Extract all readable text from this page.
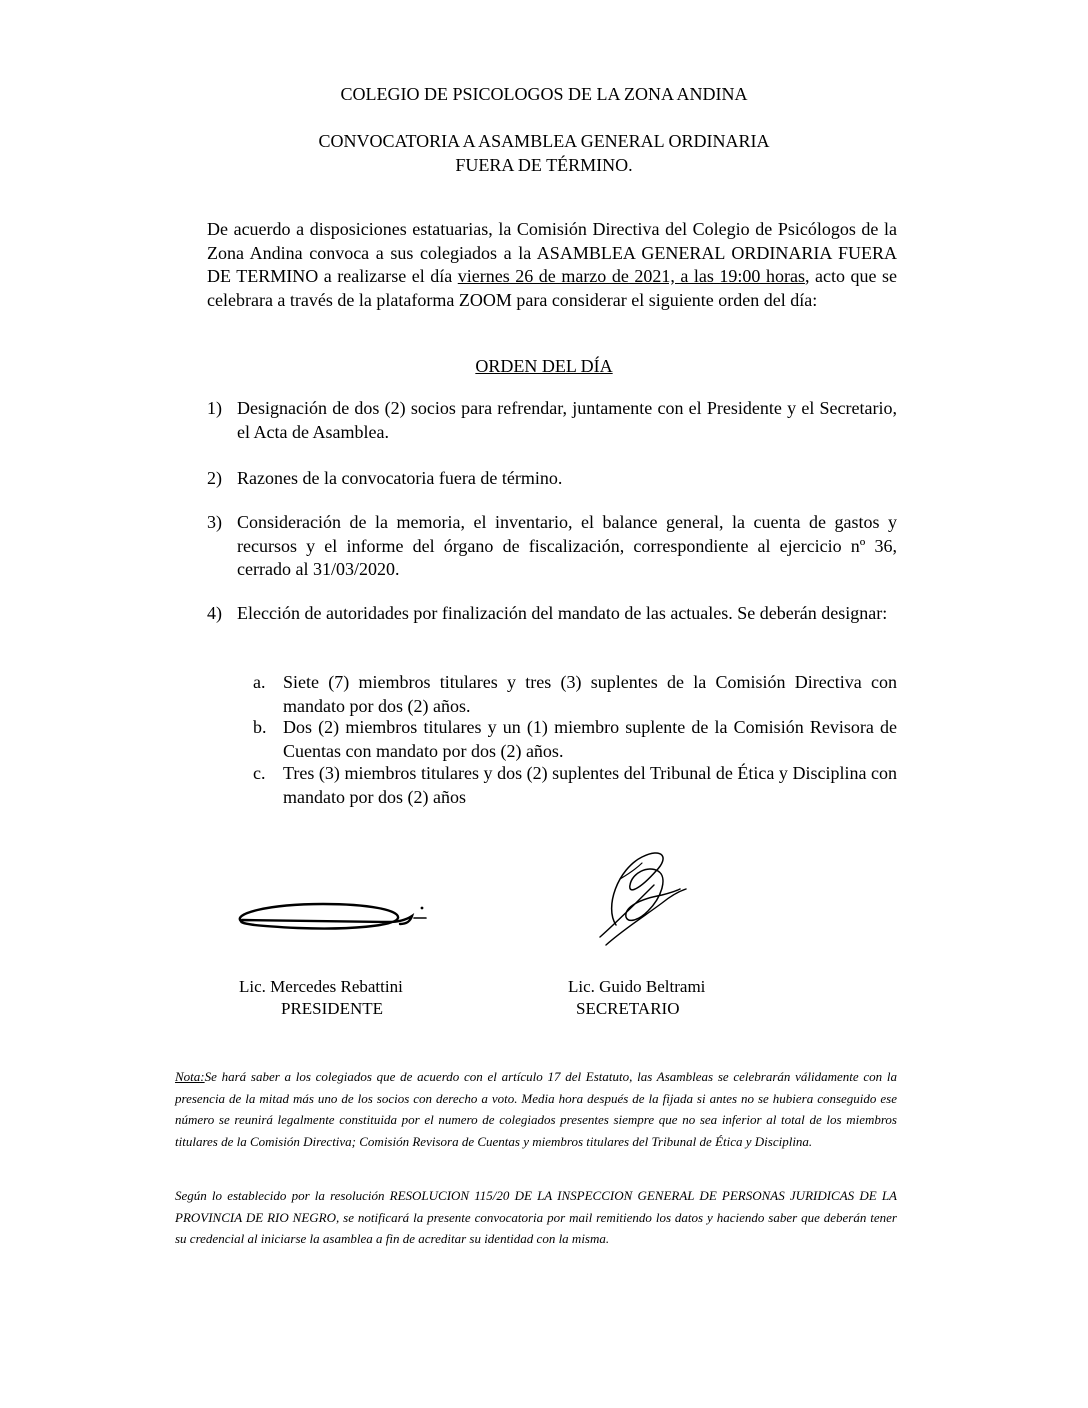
COLEGIO DE PSICOLOGOS DE LA ZONA ANDINA
CONVOCATORIA A ASAMBLEA GENERAL ORDINARIA
FUERA DE TÉRMINO.
De acuerdo a disposiciones estatuarias, la Comisión Directiva del Colegio de Psicólogos de la Zona Andina convoca a sus colegiados a la ASAMBLEA GENERAL ORDINARIA FUERA DE TERMINO a realizarse el día viernes 26 de marzo de 2021, a las 19:00 horas, acto que se celebrara a través de la plataforma ZOOM para considerar el siguiente orden del día:
ORDEN DEL DÍA
1) Designación de dos (2) socios para refrendar, juntamente con el Presidente y el Secretario, el Acta de Asamblea.
2) Razones de la convocatoria fuera de término.
3) Consideración de la memoria, el inventario, el balance general, la cuenta de gastos y recursos y el informe del órgano de fiscalización, correspondiente al ejercicio nº 36, cerrado al 31/03/2020.
4) Elección de autoridades por finalización del mandato de las actuales. Se deberán designar:
a. Siete (7) miembros titulares y tres (3) suplentes de la Comisión Directiva con mandato por dos (2) años.
b. Dos (2) miembros titulares y un (1) miembro suplente de la Comisión Revisora de Cuentas con mandato por dos (2) años.
c. Tres (3) miembros titulares y dos (2) suplentes del Tribunal de Ética y Disciplina con mandato por dos (2) años
Lic. Mercedes Rebattini
PRESIDENTE
Lic. Guido Beltrami
SECRETARIO
Nota:Se hará saber a los colegiados que de acuerdo con el artículo 17 del Estatuto, las Asambleas se celebrarán válidamente con la presencia de la mitad más uno de los socios con derecho a voto. Media hora después de la fijada si antes no se hubiera conseguido ese número se reunirá legalmente constituida por el numero de colegiados presentes siempre que no sea inferior al total de los miembros titulares de la Comisión Directiva; Comisión Revisora de Cuentas y miembros titulares del Tribunal de Ética y Disciplina.
Según lo establecido por la resolución RESOLUCION 115/20 DE LA INSPECCION GENERAL DE PERSONAS JURIDICAS DE LA PROVINCIA DE RIO NEGRO, se notificará la presente convocatoria por mail remitiendo los datos y haciendo saber que deberán tener su credencial al iniciarse la asamblea a fin de acreditar su identidad con la misma.
